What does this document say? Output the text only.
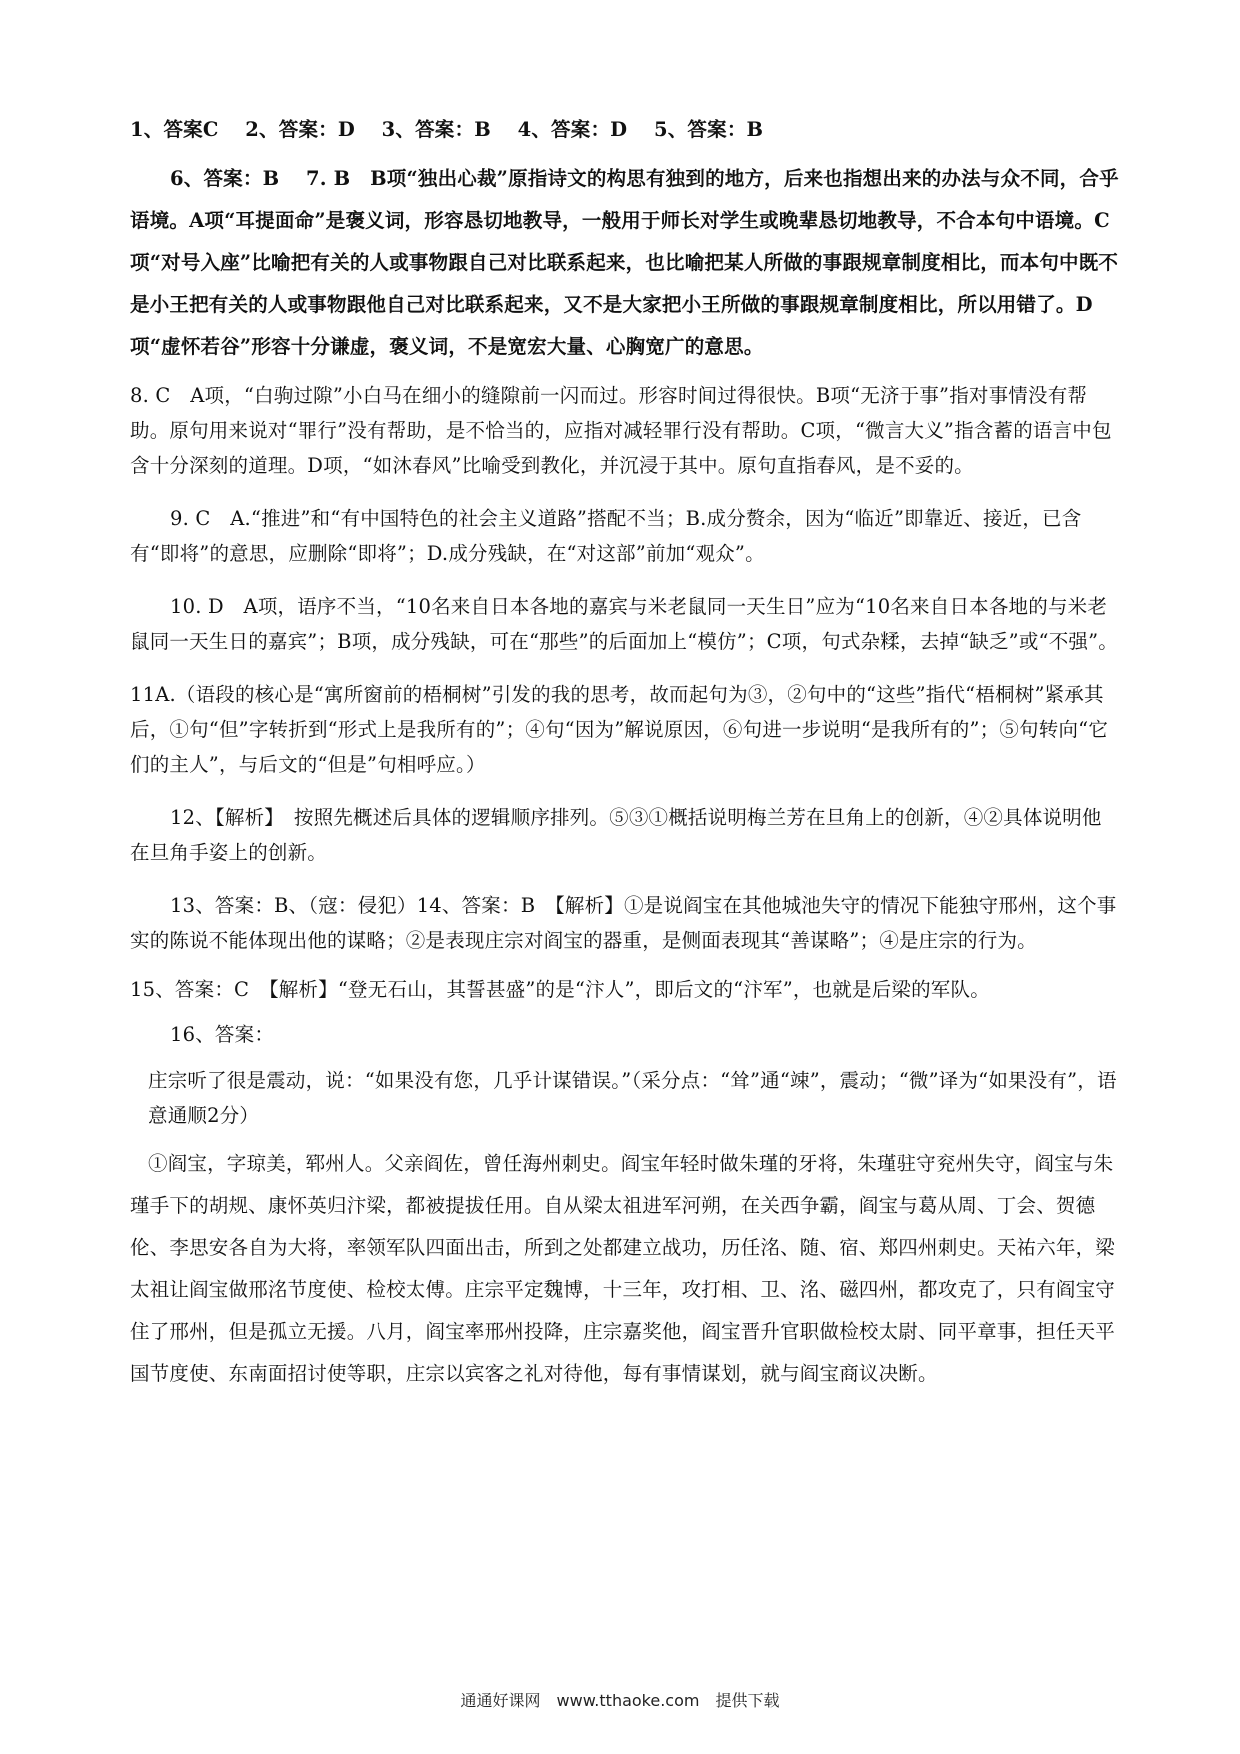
1、答案C　 2、答案：D　 3、答案：B　 4、答案：D　 5、答案：B

6、答案：B　 7. B　B项“独出心裁”原指诗文的构思有独到的地方，后来也指想出来的办法与众不同，合乎语境。A项“耳提面命”是褒义词，形容恳切地教导，一般用于师长对学生或晚辈恳切地教导，不合本句中语境。C项“对号入座”比喻把有关的人或事物跟自己对比联系起来，也比喻把某人所做的事跟规章制度相比，而本句中既不是小王把有关的人或事物跟他自己对比联系起来，又不是大家把小王所做的事跟规章制度相比，所以用错了。D项“虚怀若谷”形容十分谦虚，褒义词，不是宽宏大量、心胸宽广的意思。

8. C　A项，“白驹过隙”小白马在细小的缝隙前一闪而过。形容时间过得很快。B项“无济于事”指对事情没有帮助。原句用来说对“罪行”没有帮助，是不恰当的，应指对减轻罪行没有帮助。C项，“微言大义”指含蓄的语言中包含十分深刻的道理。D项，“如沐春风”比喻受到教化，并沉浸于其中。原句直指春风，是不妥的。

9. C　A.“推进”和“有中国特色的社会主义道路”搭配不当；B.成分赘余，因为“临近”即靠近、接近，已含有“即将”的意思，应删除“即将”；D.成分残缺，在“对这部”前加“观众”。

10. D　A项，语序不当，“10名来自日本各地的嘉宾与米老鼠同一天生日”应为“10名来自日本各地的与米老鼠同一天生日的嘉宾”；B项，成分残缺，可在“那些”的后面加上“模仿”；C项，句式杂糅，去掉“缺乏”或“不强”。

11A.（语段的核心是“寓所窗前的梧桐树”引发的我的思考，故而起句为③，②句中的“这些”指代“梧桐树”紧承其后，①句“但”字转折到“形式上是我所有的”；④句“因为”解说原因，⑥句进一步说明“是我所有的”；⑤句转向“它们的主人”，与后文的“但是”句相呼应。）

12、【解析】　按照先概述后具体的逻辑顺序排列。⑤③①概括说明梅兰芳在旦角上的创新，④②具体说明他在旦角手姿上的创新。

13、答案：B、（寇：侵犯）14、答案：B　【解析】①是说阎宝在其他城池失守的情况下能独守邢州，这个事实的陈说不能体现出他的谋略；②是表现庄宗对阎宝的器重，是侧面表现其“善谋略”；④是庄宗的行为。

15、答案：C　【解析】“登无石山，其誓甚盛”的是“汴人”，即后文的“汴军”，也就是后梁的军队。

16、答案：

庄宗听了很是震动，说：“如果没有您，几乎计谋错误。”（采分点：“耸”通“竦”，震动；“微”译为“如果没有”，语意通顺2分）

①阎宝，字琼美，郓州人。父亲阎佐，曾任海州刺史。阎宝年轻时做朱瑾的牙将，朱瑾驻守兖州失守，阎宝与朱瑾手下的胡规、康怀英归汴梁，都被提拔任用。自从梁太祖进军河朔，在关西争霸，阎宝与葛从周、丁会、贺德伦、李思安各自为大将，率领军队四面出击，所到之处都建立战功，历任洺、随、宿、郑四州刺史。天祐六年，梁太祖让阎宝做邢洺节度使、检校太傅。庄宗平定魏博，十三年，攻打相、卫、洺、磁四州，都攻克了，只有阎宝守住了邢州，但是孤立无援。八月，阎宝率邢州投降，庄宗嘉奖他，阎宝晋升官职做检校太尉、同平章事，担任天平国节度使、东南面招讨使等职，庄宗以宾客之礼对待他，每有事情谋划，就与阎宝商议决断。

通通好课网　www.tthaoke.com　提供下载
